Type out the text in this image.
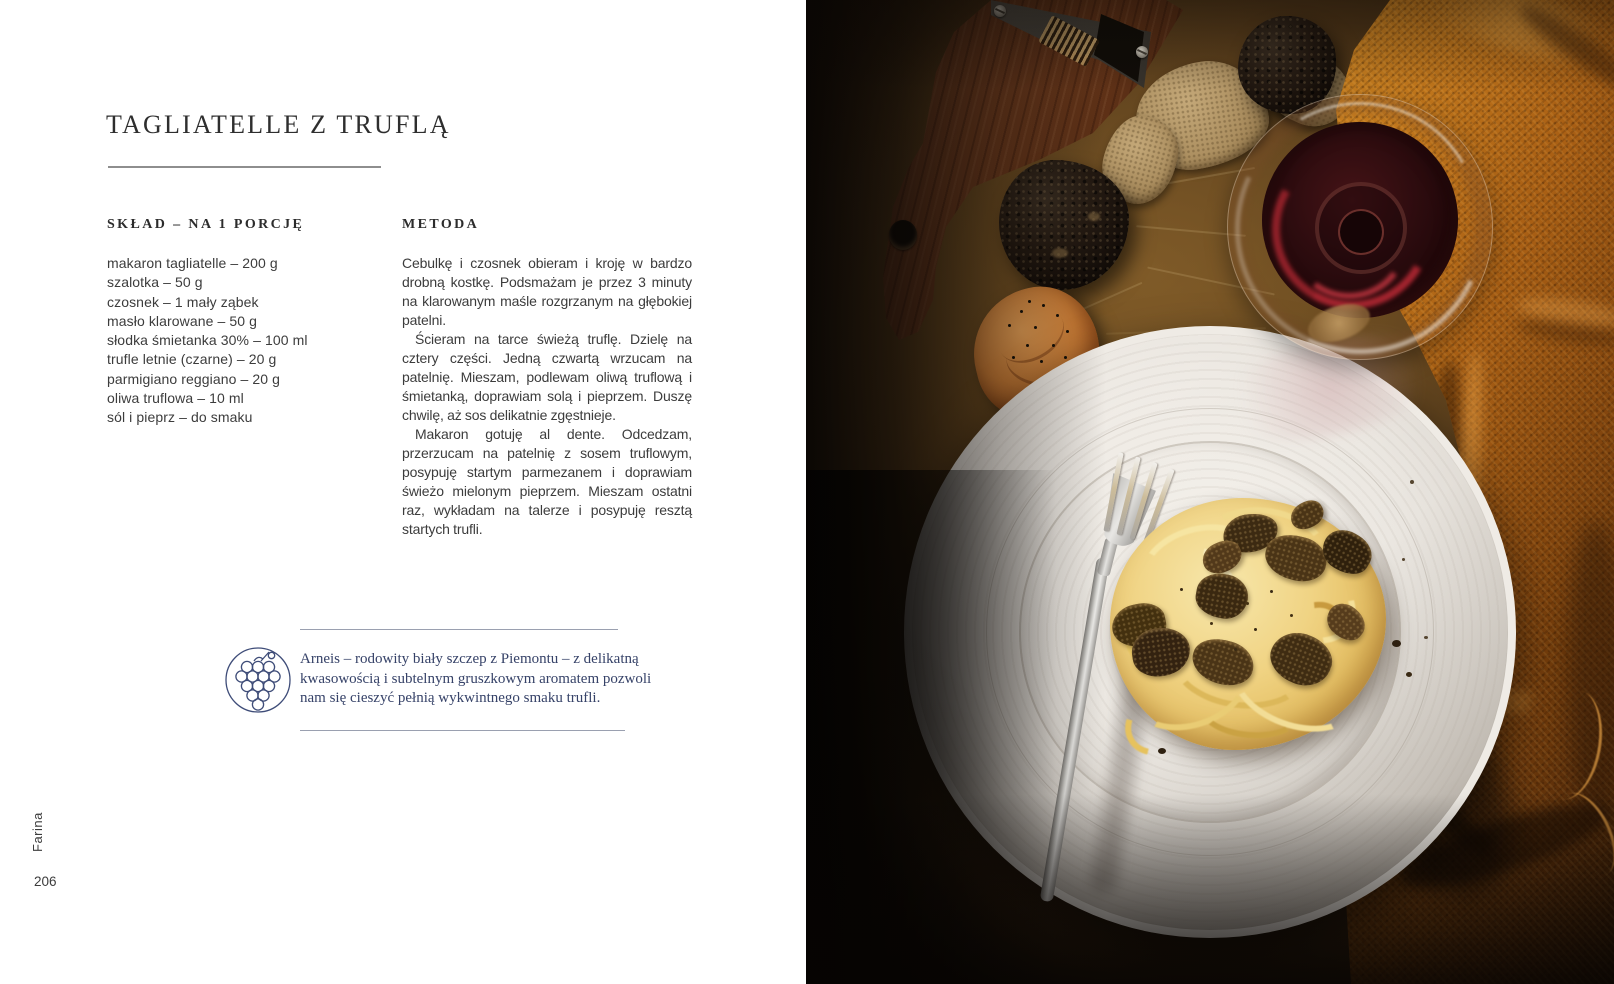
TAGLIATELLE Z TRUFLĄ
SKŁAD – NA 1 PORCJĘ
makaron tagliatelle – 200 g
szalotka – 50 g
czosnek – 1 mały ząbek
masło klarowane – 50 g
słodka śmietanka 30% – 100 ml
trufle letnie (czarne) – 20 g
parmigiano reggiano – 20 g
oliwa truflowa – 10 ml
sól i pieprz – do smaku
METODA

Cebulkę i czosnek obieram i kroję w bardzo drobną kostkę. Podsmażam je przez 3 minuty na klarowanym maśle rozgrzanym na głębokiej patelni.

Ścieram na tarce świeżą truflę. Dzielę na cztery części. Jedną czwartą wrzucam na patelnię. Mieszam, podlewam oliwą truflową i śmietanką, doprawiam solą i pieprzem. Duszę chwilę, aż sos delikatnie zgęstnieje.

Makaron gotuję al dente. Odcedzam, przerzucam na patelnię z sosem truflowym, posypuję startym parmezanem i doprawiam świeżo mielonym pieprzem. Mieszam ostatni raz, wykładam na talerze i posypuję resztą startych trufli.

Arneis – rodowity biały szczep z Piemontu – z delikatną
kwasowością i subtelnym gruszkowym aromatem pozwoli
nam się cieszyć pełnią wykwintnego smaku trufli.
Farina
206
